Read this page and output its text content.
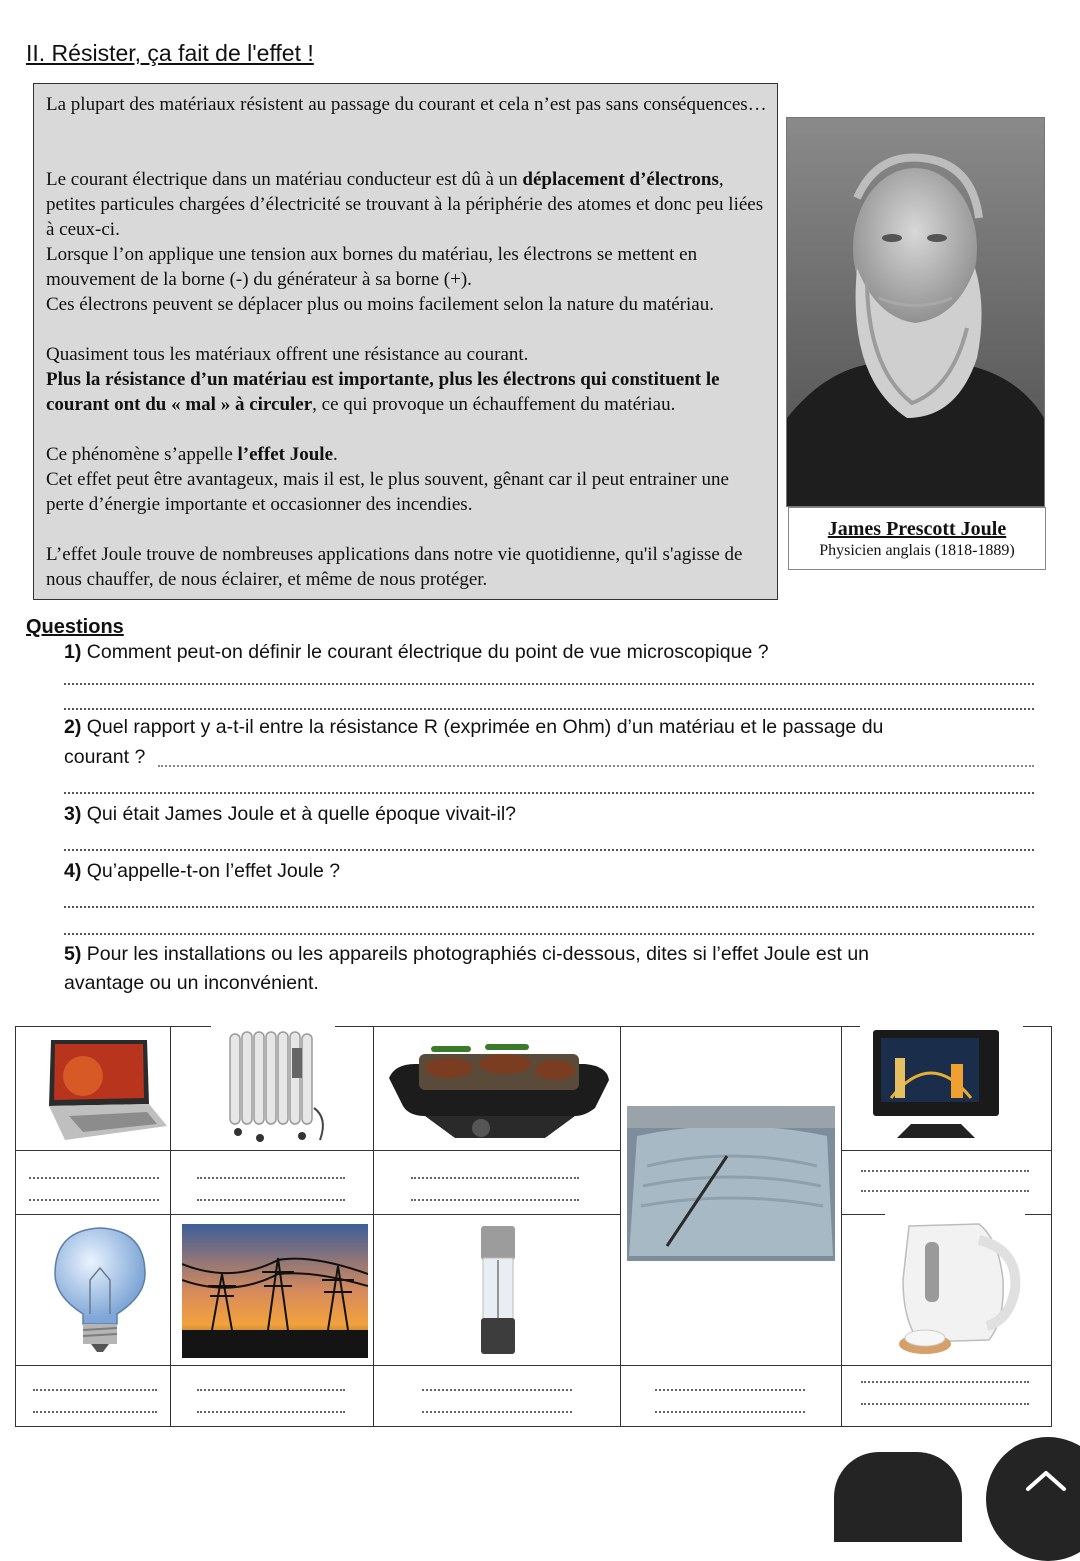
II. Résister, ça fait de l'effet !
La plupart des matériaux résistent au passage du courant et cela n’est pas sans conséquences…
Le courant électrique dans un matériau conducteur est dû à un déplacement d’électrons, petites particules chargées d’électricité se trouvant à la périphérie des atomes et donc peu liées à ceux-ci.
Lorsque l’on applique une tension aux bornes du matériau, les électrons se mettent en mouvement de la borne (-) du générateur à sa borne (+).
Ces électrons peuvent se déplacer plus ou moins facilement selon la nature du matériau.
Quasiment tous les matériaux offrent une résistance au courant.
Plus la résistance d’un matériau est importante, plus les électrons qui constituent le courant ont du « mal » à circuler, ce qui provoque un échauffement du matériau.
Ce phénomène s’appelle l’effet Joule.
Cet effet peut être avantageux, mais il est, le plus souvent, gênant car il peut entrainer une perte d’énergie importante et occasionner des incendies.
L’effet Joule trouve de nombreuses applications dans notre vie quotidienne, qu'il s'agisse de nous chauffer, de nous éclairer, et même de nous protéger.
James Prescott Joule
Physicien anglais (1818-1889)
Questions
1) Comment peut-on définir le courant électrique du point de vue microscopique ?
2) Quel rapport y a-t-il entre la résistance R (exprimée en Ohm) d’un matériau et le passage du
courant ?
3) Qui était James Joule et à quelle époque vivait-il?
4) Qu’appelle-t-on l’effet Joule ?
5) Pour les installations ou les appareils photographiés ci-dessous, dites si l’effet Joule est un
avantage ou un inconvénient.
